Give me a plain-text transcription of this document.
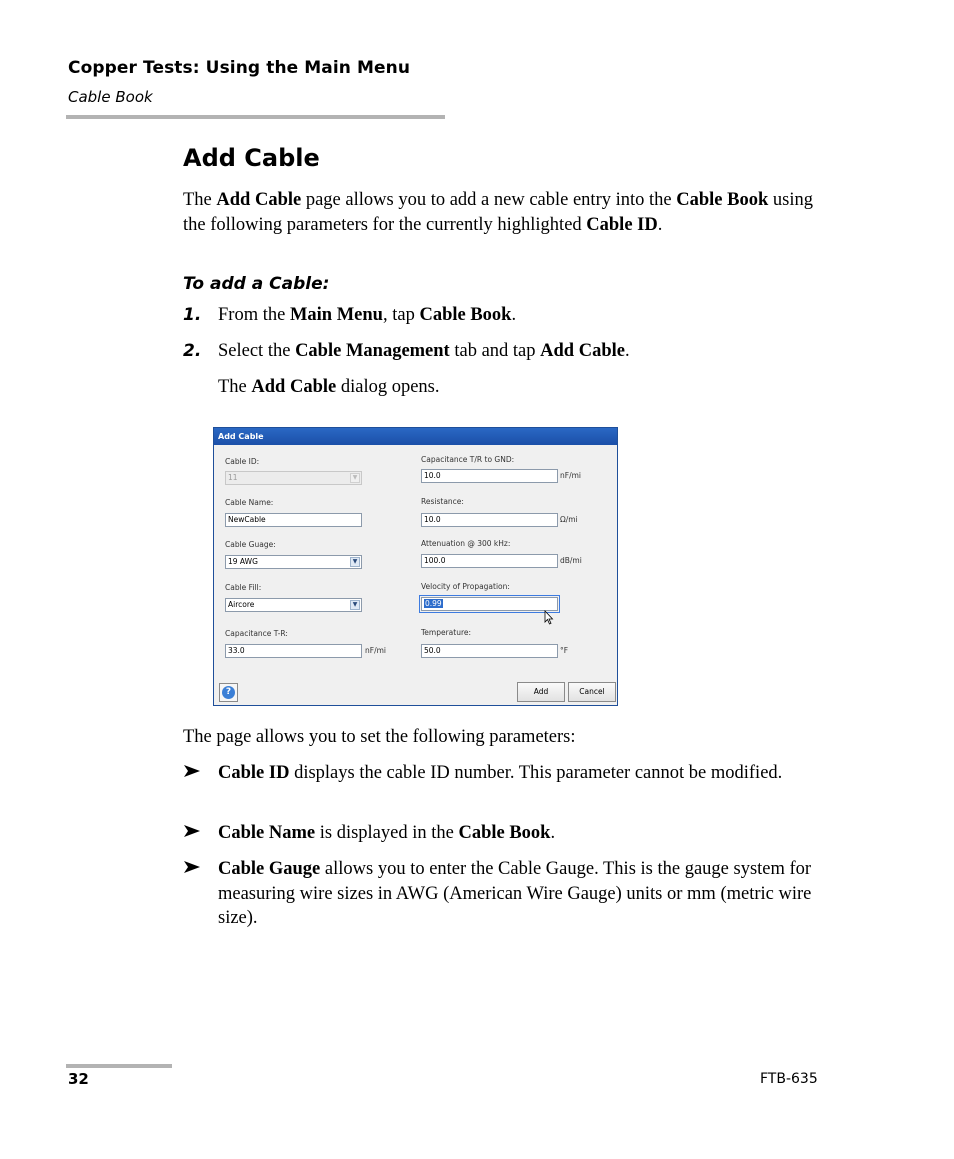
Copper Tests: Using the Main Menu
Cable Book
Add Cable
The Add Cable page allows you to add a new cable entry into the Cable Book using the following parameters for the currently highlighted Cable ID.
To add a Cable:
1. From the Main Menu, tap Cable Book.
2. Select the Cable Management tab and tap Add Cable.
The Add Cable dialog opens.
Add Cable
Cable ID:
11	▼
Cable Name:
NewCable
Cable Guage:
19 AWG	▼
Cable Fill:
Aircore	▼
Capacitance T-R:
33.0	nF/mi
Capacitance T/R to GND:
10.0	nF/mi
Resistance:
10.0	Ω/mi
Attenuation @ 300 kHz:
100.0	dB/mi
Velocity of Propagation:
0.99
Temperature:
50.0	°F
?	Add	Cancel
The page allows you to set the following parameters:
Cable ID displays the cable ID number. This parameter cannot be modified.
Cable Name is displayed in the Cable Book.
Cable Gauge allows you to enter the Cable Gauge. This is the gauge system for measuring wire sizes in AWG (American Wire Gauge) units or mm (metric wire size).
32	FTB-635
